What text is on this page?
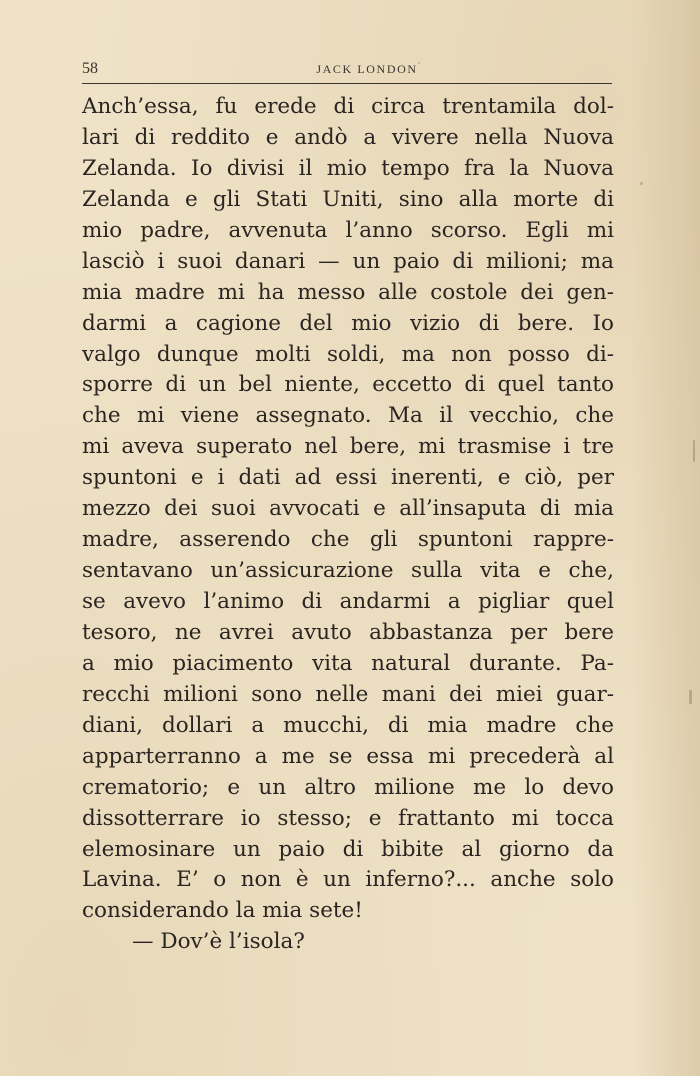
58	JACK LONDON
Anch’essa, fu erede di circa trentamila dol-
lari di reddito e andò a vivere nella Nuova
Zelanda. Io divisi il mio tempo fra la Nuova
Zelanda e gli Stati Uniti, sino alla morte di
mio padre, avvenuta l’anno scorso. Egli mi
lasciò i suoi danari — un paio di milioni; ma
mia madre mi ha messo alle costole dei gen-
darmi a cagione del mio vizio di bere. Io
valgo dunque molti soldi, ma non posso di-
sporre di un bel niente, eccetto di quel tanto
che mi viene assegnato. Ma il vecchio, che
mi aveva superato nel bere, mi trasmise i tre
spuntoni e i dati ad essi inerenti, e ciò, per
mezzo dei suoi avvocati e all’insaputa di mia
madre, asserendo che gli spuntoni rappre-
sentavano un’assicurazione sulla vita e che,
se avevo l’animo di andarmi a pigliar quel
tesoro, ne avrei avuto abbastanza per bere
a mio piacimento vita natural durante. Pa-
recchi milioni sono nelle mani dei miei guar-
diani, dollari a mucchi, di mia madre che
apparterranno a me se essa mi precederà al
crematorio; e un altro milione me lo devo
dissotterrare io stesso; e frattanto mi tocca
elemosinare un paio di bibite al giorno da
Lavina. E’ o non è un inferno?... anche solo
considerando la mia sete!
— Dov’è l’isola?
